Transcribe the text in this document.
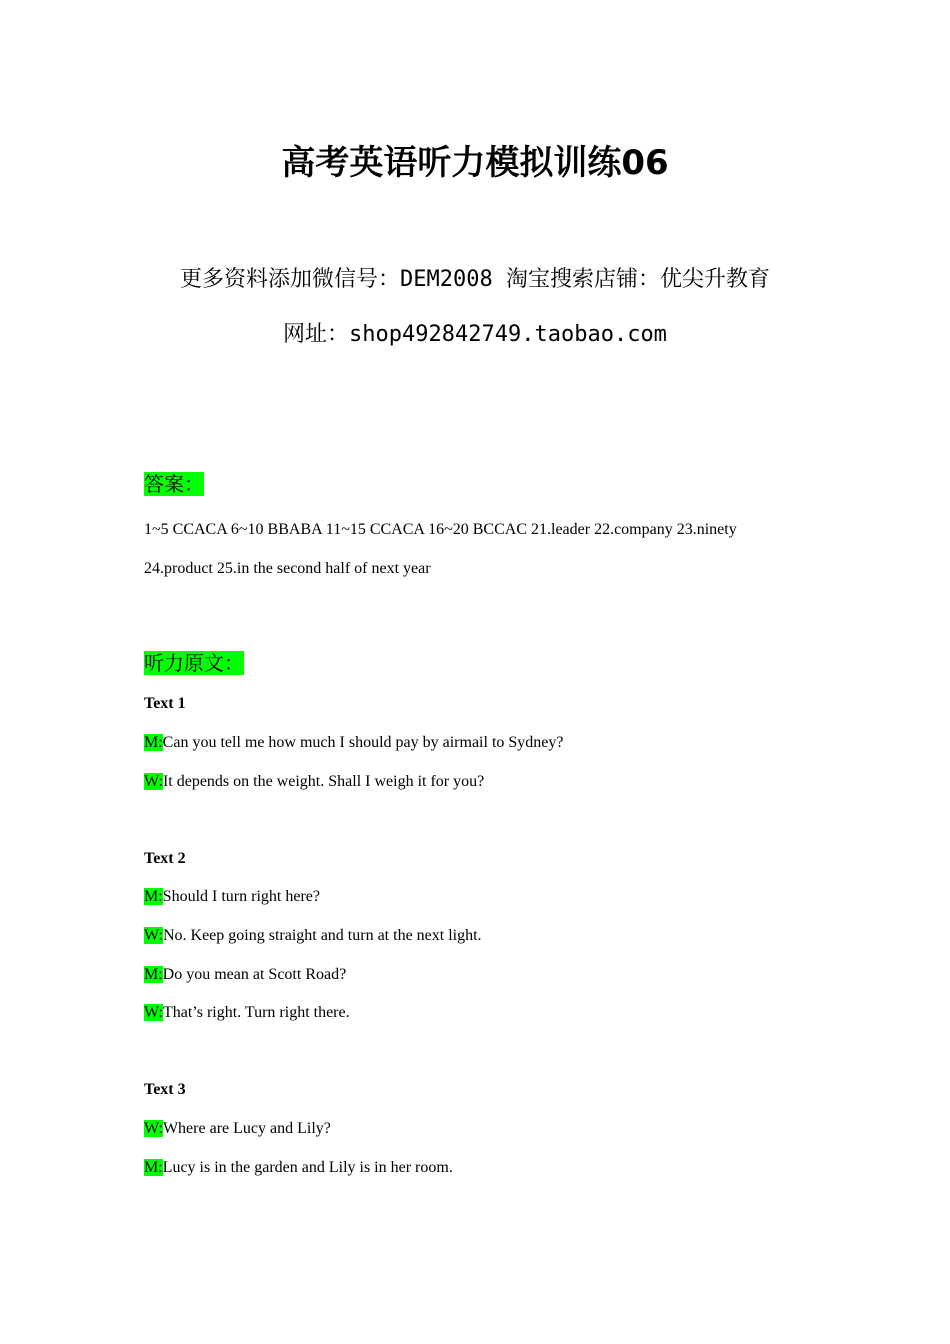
高考英语听力模拟训练06
更多资料添加微信号：DEM2008 淘宝搜索店铺：优尖升教育
网址：shop492842749.taobao.com
答案：
1~5 CCACA 6~10 BBABA 11~15 CCACA 16~20 BCCAC 21.leader 22.company 23.ninety
24.product 25.in the second half of next year
听力原文：
Text 1
M:Can you tell me how much I should pay by airmail to Sydney?
W:It depends on the weight. Shall I weigh it for you?
Text 2
M:Should I turn right here?
W:No. Keep going straight and turn at the next light.
M:Do you mean at Scott Road?
W:That’s right. Turn right there.
Text 3
W:Where are Lucy and Lily?
M:Lucy is in the garden and Lily is in her room.
